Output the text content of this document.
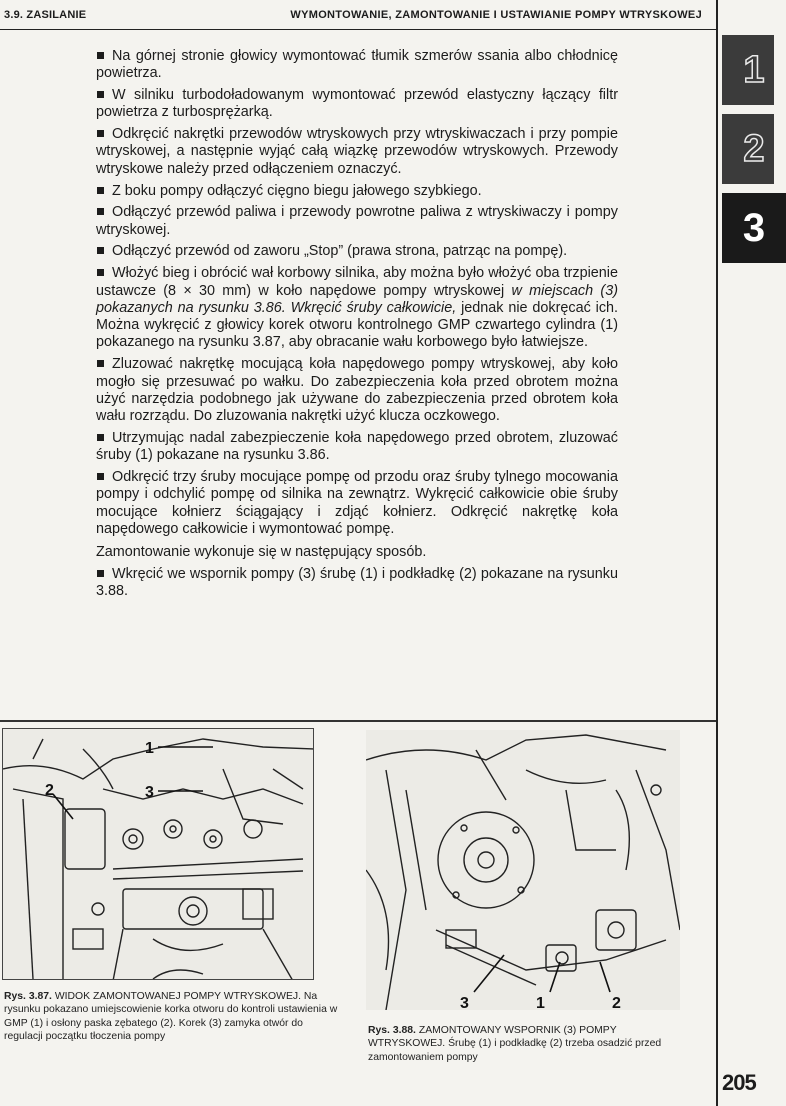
3.9. ZASILANIE	WYMONTOWANIE, ZAMONTOWANIE I USTAWIANIE POMPY WTRYSKOWEJ
1
2
3

Na górnej stronie głowicy wymontować tłumik szmerów ssania albo chłodnicę powietrza.

W silniku turbodoładowanym wymontować przewód elastyczny łączący filtr powietrza z turbosprężarką.

Odkręcić nakrętki przewodów wtryskowych przy wtryskiwaczach i przy pompie wtryskowej, a następnie wyjąć całą wiązkę przewodów wtryskowych. Przewody wtryskowe należy przed odłączeniem oznaczyć.

Z boku pompy odłączyć cięgno biegu jałowego szybkiego.

Odłączyć przewód paliwa i przewody powrotne paliwa z wtryskiwaczy i pompy wtryskowej.

Odłączyć przewód od zaworu „Stop” (prawa strona, patrząc na pompę).

Włożyć bieg i obrócić wał korbowy silnika, aby można było włożyć oba trzpienie ustawcze (8 × 30 mm) w koło napędowe pompy wtryskowej w miejscach (3) pokazanych na rysunku 3.86. Wkręcić śruby całkowicie, jednak nie dokręcać ich. Można wykręcić z głowicy korek otworu kontrolnego GMP czwartego cylindra (1) pokazanego na rysunku 3.87, aby obracanie wału korbowego było łatwiejsze.

Zluzować nakrętkę mocującą koła napędowego pompy wtryskowej, aby koło mogło się przesuwać po wałku. Do zabezpieczenia koła przed obrotem można użyć narzędzia podobnego jak używane do zabezpieczenia przed obrotem koła wału rozrządu. Do zluzowania nakrętki użyć klucza oczkowego.

Utrzymując nadal zabezpieczenie koła napędowego przed obrotem, zluzować śruby (1) pokazane na rysunku 3.86.

Odkręcić trzy śruby mocujące pompę od przodu oraz śruby tylnego mocowania pompy i odchylić pompę od silnika na zewnątrz. Wykręcić całkowicie obie śruby mocujące kołnierz ściągający i zdjąć kołnierz. Odkręcić nakrętkę koła napędowego całkowicie i wymontować pompę.

Zamontowanie wykonuje się w następujący sposób.

Wkręcić we wspornik pompy (3) śrubę (1) i podkładkę (2) pokazane na rysunku 3.88.

1
2	3
Rys. 3.87. WIDOK ZAMONTOWANEJ POMPY WTRYSKOWEJ. Na rysunku pokazano umiejscowienie korka otworu do kontroli ustawienia w GMP (1) i osłony paska zębatego (2). Korek (3) zamyka otwór do regulacji początku tłoczenia pompy
3	1	2
Rys. 3.88. ZAMONTOWANY WSPORNIK (3) POMPY WTRYSKOWEJ. Śrubę (1) i podkładkę (2) trzeba osadzić przed zamontowaniem pompy
205
